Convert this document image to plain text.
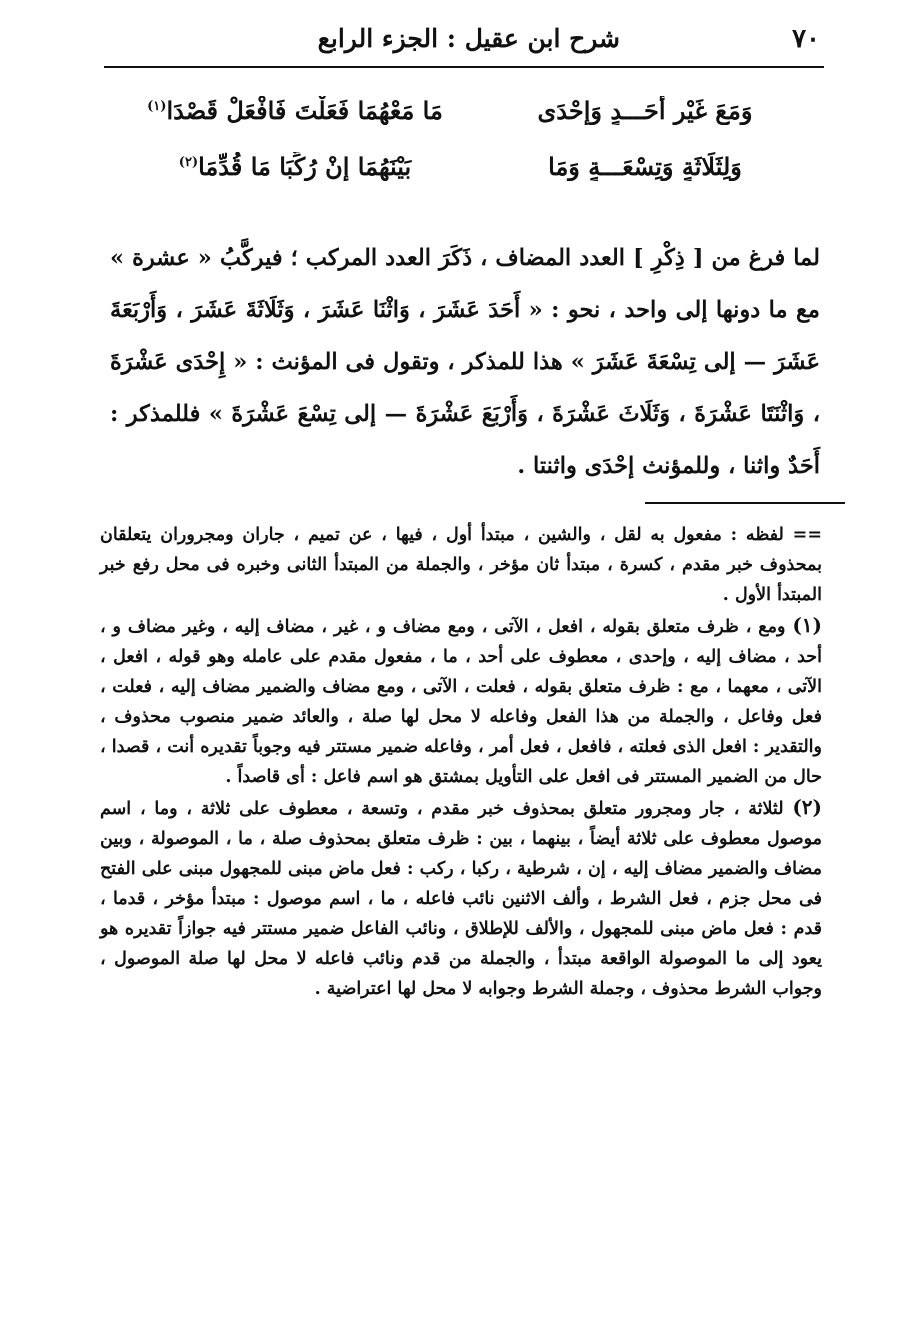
٧٠
شرح ابن عقيل : الجزء الرابع
وَمَعَ غَيْرِ أَحَـــدٍ وَإِحْدَى
مَا مَعْهُمَا فَعَلْتَ فَافْعَلْ قَصْدَا$^{(١)}$
وَلِثَلَاثَةٍ وَتِسْعَـــةٍ وَمَا
بَيْنَهُمَا إِنْ رُكِّبَا مَا قُدِّمَا$^{(٢)}$

لما فرغ من [ ذِكْرِ ] العدد المضاف ، ذَكَرَ العدد المركب ؛ فيركَّبُ « عشرة » مع ما دونها إلى واحد ، نحو : « أَحَدَ عَشَرَ ، وَاثْنَا عَشَرَ ، وَثَلَاثَةَ عَشَرَ ، وَأَرْبَعَةَ عَشَرَ — إلى تِسْعَةَ عَشَرَ » هذا للمذكر ، وتقول فى المؤنث : « إِحْدَى عَشْرَةَ ، وَاثْنَتَا عَشْرَةَ ، وَثَلَاثَ عَشْرَةَ ، وَأَرْبَعَ عَشْرَةَ — إلى تِسْعَ عَشْرَةَ » فللمذكر : أَحَدٌ واثنا ، وللمؤنث إحْدَى واثنتا .

== لفظه : مفعول به لقل ، والشين ، مبتدأ أول ، فيها ، عن تميم ، جاران ومجروران يتعلقان بمحذوف خبر مقدم ، كسرة ، مبتدأ ثان مؤخر ، والجملة من المبتدأ الثانى وخبره فى محل رفع خبر المبتدأ الأول .

(١) ومع ، ظرف متعلق بقوله ، افعل ، الآتى ، ومع مضاف و ، غير ، مضاف إليه ، وغير مضاف و ، أحد ، مضاف إليه ، وإحدى ، معطوف على أحد ، ما ، مفعول مقدم على عامله وهو قوله ، افعل ، الآتى ، معهما ، مع : ظرف متعلق بقوله ، فعلت ، الآتى ، ومع مضاف والضمير مضاف إليه ، فعلت ، فعل وفاعل ، والجملة من هذا الفعل وفاعله لا محل لها صلة ، والعائد ضمير منصوب محذوف ، والتقدير : افعل الذى فعلته ، فافعل ، فعل أمر ، وفاعله ضمير مستتر فيه وجوباً تقديره أنت ، قصدا ، حال من الضمير المستتر فى افعل على التأويل بمشتق هو اسم فاعل : أى قاصداً .

(٢) لثلاثة ، جار ومجرور متعلق بمحذوف خبر مقدم ، وتسعة ، معطوف على ثلاثة ، وما ، اسم موصول معطوف على ثلاثة أيضاً ، بينهما ، بين : ظرف متعلق بمحذوف صلة ، ما ، الموصولة ، وبين مضاف والضمير مضاف إليه ، إن ، شرطية ، ركبا ، ركب : فعل ماض مبنى للمجهول مبنى على الفتح فى محل جزم ، فعل الشرط ، وألف الاثنين نائب فاعله ، ما ، اسم موصول : مبتدأ مؤخر ، قدما ، قدم : فعل ماض مبنى للمجهول ، والألف للإطلاق ، ونائب الفاعل ضمير مستتر فيه جوازاً تقديره هو يعود إلى ما الموصولة الواقعة مبتدأ ، والجملة من قدم ونائب فاعله لا محل لها صلة الموصول ، وجواب الشرط محذوف ، وجملة الشرط وجوابه لا محل لها اعتراضية .
